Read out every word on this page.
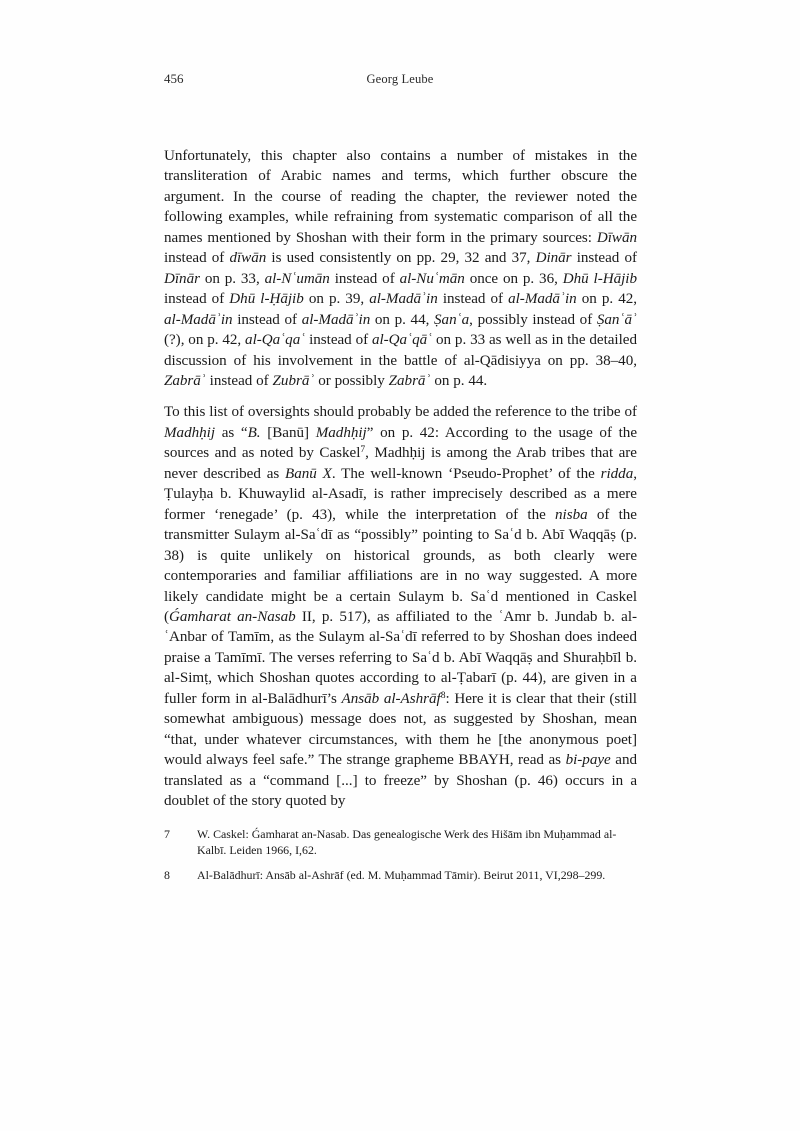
456	Georg Leube

Unfortunately, this chapter also contains a number of mistakes in the transliteration of Arabic names and terms, which further obscure the argument. In the course of reading the chapter, the reviewer noted the following examples, while refraining from systematic comparison of all the names mentioned by Shoshan with their form in the primary sources: Dīwān instead of dīwān is used consistently on pp. 29, 32 and 37, Dinār instead of Dīnār on p. 33, al-Nʿumān instead of al-Nuʿmān once on p. 36, Dhū l-Hājib instead of Dhū l-Ḥājib on p. 39, al-Madāʾin instead of al-Madāʾin on p. 42, al-Madāʾin instead of al-Madāʾin on p. 44, Ṣanʿa, possibly instead of Ṣanʿāʾ (?), on p. 42, al-Qaʿqaʿ instead of al-Qaʿqāʿ on p. 33 as well as in the detailed discussion of his involvement in the battle of al-Qādisiyya on pp. 38–40, Zabrāʾ instead of Zubrāʾ or possibly Zabrāʾ on p. 44.

To this list of oversights should probably be added the reference to the tribe of Madhḥij as “B. [Banū] Madhḥij” on p. 42: According to the usage of the sources and as noted by Caskel$^7$, Madhḥij is among the Arab tribes that are never described as Banū X. The well-known ‘Pseudo-Prophet’ of the ridda, Ṭulayḥa b. Khuwaylid al-Asadī, is rather imprecisely described as a mere former ‘renegade’ (p. 43), while the interpretation of the nisba of the transmitter Sulaym al-Saʿdī as “possibly” pointing to Saʿd b. Abī Waqqāṣ (p. 38) is quite unlikely on historical grounds, as both clearly were contemporaries and familiar affiliations are in no way suggested. A more likely candidate might be a certain Sulaym b. Saʿd mentioned in Caskel (Ǵamharat an-Nasab II, p. 517), as affiliated to the ʿAmr b. Jundab b. al-ʿAnbar of Tamīm, as the Sulaym al-Saʿdī referred to by Shoshan does indeed praise a Tamīmī. The verses referring to Saʿd b. Abī Waqqāṣ and Shuraḥbīl b. al-Simṭ, which Shoshan quotes according to al-Ṭabarī (p. 44), are given in a fuller form in al-Balādhurī’s Ansāb al-Ashrāf$^8$: Here it is clear that their (still somewhat ambiguous) message does not, as suggested by Shoshan, mean “that, under whatever circumstances, with them he [the anonymous poet] would always feel safe.” The strange grapheme BBAYH, read as bi-paye and translated as a “command [...] to freeze” by Shoshan (p. 46) occurs in a doublet of the story quoted by

7	W. Caskel: Ǵamharat an-Nasab. Das genealogische Werk des Hišām ibn Muḥammad al-Kalbī. Leiden 1966, I,62.
8	Al-Balādhurī: Ansāb al-Ashrāf (ed. M. Muḥammad Tāmir). Beirut 2011, VI,298–299.
